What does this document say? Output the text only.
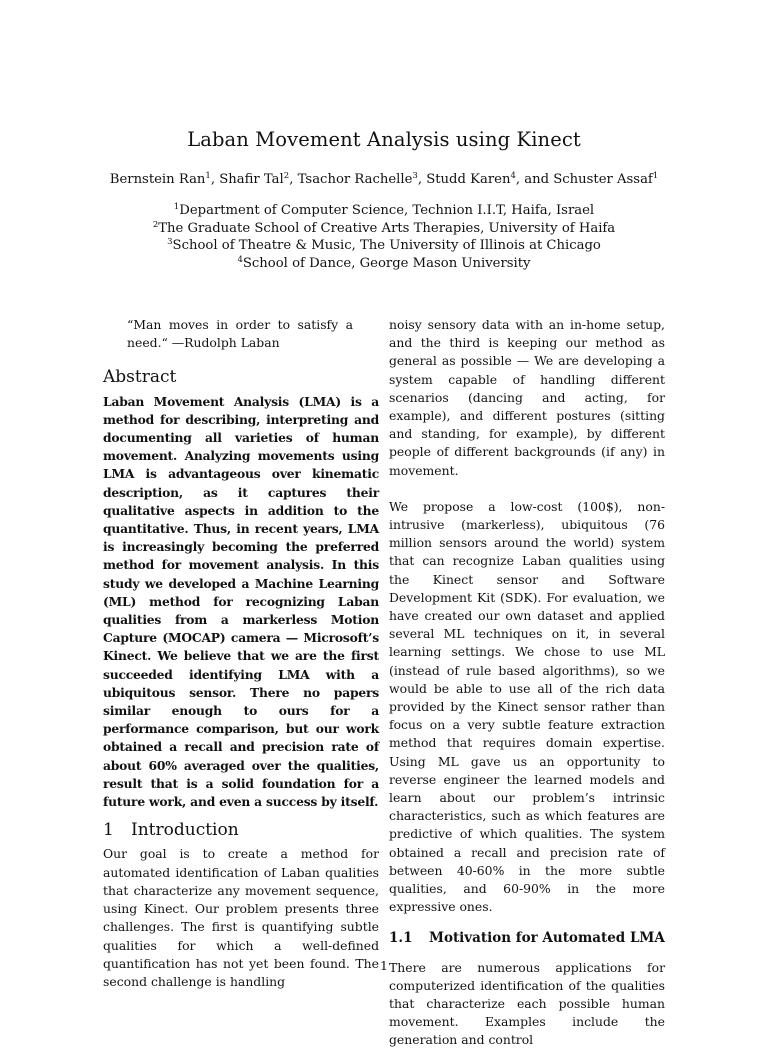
Laban Movement Analysis using Kinect
Bernstein Ran$^1$, Shafir Tal$^2$, Tsachor Rachelle$^3$, Studd Karen$^4$, and Schuster Assaf$^1$
$^1$Department of Computer Science, Technion I.I.T, Haifa, Israel
$^2$The Graduate School of Creative Arts Therapies, University of Haifa
$^3$School of Theatre & Music, The University of Illinois at Chicago
$^4$School of Dance, George Mason University
“Man moves in order to satisfy a need.“ —Rudolph Laban
Abstract
Laban Movement Analysis (LMA) is a method for describing, interpreting and documenting all varieties of human movement. Analyzing movements using LMA is advantageous over kinematic description, as it captures their qualitative aspects in addition to the quantitative. Thus, in recent years, LMA is increasingly becoming the preferred method for movement analysis. In this study we developed a Machine Learning (ML) method for recognizing Laban qualities from a markerless Motion Capture (MOCAP) camera — Microsoft’s Kinect. We believe that we are the first succeeded identifying LMA with a ubiquitous sensor. There no papers similar enough to ours for a performance comparison, but our work obtained a recall and precision rate of about 60% averaged over the qualities, result that is a solid foundation for a future work, and even a success by itself.
1 Introduction

Our goal is to create a method for automated identification of Laban qualities that characterize any movement sequence, using Kinect. Our problem presents three challenges. The first is quantifying subtle qualities for which a well-defined quantification has not yet been found. The second challenge is handling

noisy sensory data with an in-home setup, and the third is keeping our method as general as possible — We are developing a system capable of handling different scenarios (dancing and acting, for example), and different postures (sitting and standing, for example), by different people of different backgrounds (if any) in movement.

We propose a low-cost (100$), non-intrusive (markerless), ubiquitous (76 million sensors around the world) system that can recognize Laban qualities using the Kinect sensor and Software Development Kit (SDK). For evaluation, we have created our own dataset and applied several ML techniques on it, in several learning settings. We chose to use ML (instead of rule based algorithms), so we would be able to use all of the rich data provided by the Kinect sensor rather than focus on a very subtle feature extraction method that requires domain expertise. Using ML gave us an opportunity to reverse engineer the learned models and learn about our problem’s intrinsic characteristics, such as which features are predictive of which qualities. The system obtained a recall and precision rate of between 40-60% in the more subtle qualities, and 60-90% in the more expressive ones.

1.1	Motivation for Automated LMA

There are numerous applications for computerized identification of the qualities that characterize each possible human movement. Examples include the generation and control

1
